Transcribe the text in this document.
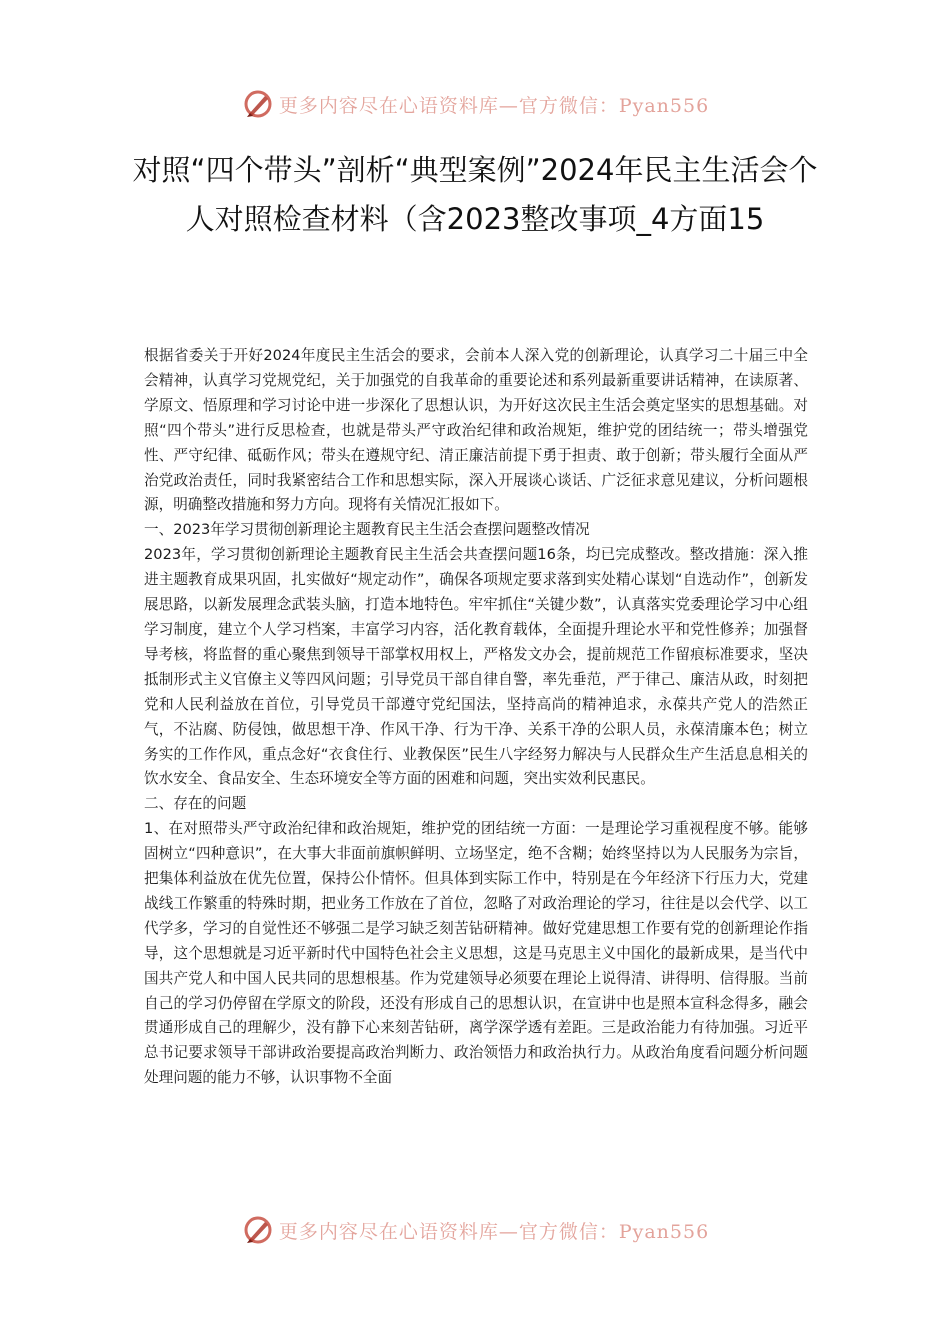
更多内容尽在心语资料库—官方微信：Pyan556
对照“四个带头”剖析“典型案例”2024年民主生活会个人对照检查材料（含2023整改事项_4方面15

根据省委关于开好2024年度民主生活会的要求，会前本人深入党的创新理论，认真学习二十届三中全会精神，认真学习党规党纪，关于加强党的自我革命的重要论述和系列最新重要讲话精神，在读原著、学原文、悟原理和学习讨论中进一步深化了思想认识，为开好这次民主生活会奠定坚实的思想基础。对照“四个带头”进行反思检查，也就是带头严守政治纪律和政治规矩，维护党的团结统一；带头增强党性、严守纪律、砥砺作风；带头在遵规守纪、清正廉洁前提下勇于担责、敢于创新；带头履行全面从严治党政治责任，同时我紧密结合工作和思想实际，深入开展谈心谈话、广泛征求意见建议，分析问题根源，明确整改措施和努力方向。现将有关情况汇报如下。

一、2023年学习贯彻创新理论主题教育民主生活会查摆问题整改情况

2023年，学习贯彻创新理论主题教育民主生活会共查摆问题16条，均已完成整改。整改措施：深入推进主题教育成果巩固，扎实做好“规定动作”，确保各项规定要求落到实处精心谋划“自选动作”，创新发展思路，以新发展理念武装头脑，打造本地特色。牢牢抓住“关键少数”，认真落实党委理论学习中心组学习制度，建立个人学习档案，丰富学习内容，活化教育载体，全面提升理论水平和党性修养；加强督导考核，将监督的重心聚焦到领导干部掌权用权上，严格发文办会，提前规范工作留痕标准要求，坚决抵制形式主义官僚主义等四风问题；引导党员干部自律自警，率先垂范，严于律己、廉洁从政，时刻把党和人民利益放在首位，引导党员干部遵守党纪国法，坚持高尚的精神追求，永葆共产党人的浩然正气，不沾腐、防侵蚀，做思想干净、作风干净、行为干净、关系干净的公职人员，永葆清廉本色；树立务实的工作作风，重点念好“衣食住行、业教保医”民生八字经努力解决与人民群众生产生活息息相关的饮水安全、食品安全、生态环境安全等方面的困难和问题，突出实效利民惠民。

二、存在的问题

1、在对照带头严守政治纪律和政治规矩，维护党的团结统一方面：一是理论学习重视程度不够。能够固树立“四种意识”，在大事大非面前旗帜鲜明、立场坚定，绝不含糊；始终坚持以为人民服务为宗旨，把集体利益放在优先位置，保持公仆情怀。但具体到实际工作中，特别是在今年经济下行压力大，党建战线工作繁重的特殊时期，把业务工作放在了首位，忽略了对政治理论的学习，往往是以会代学、以工代学多，学习的自觉性还不够强二是学习缺乏刻苦钻研精神。做好党建思想工作要有党的创新理论作指导，这个思想就是习近平新时代中国特色社会主义思想，这是马克思主义中国化的最新成果，是当代中国共产党人和中国人民共同的思想根基。作为党建领导必须要在理论上说得清、讲得明、信得服。当前自己的学习仍停留在学原文的阶段，还没有形成自己的思想认识，在宣讲中也是照本宣科念得多，融会贯通形成自己的理解少，没有静下心来刻苦钻研，离学深学透有差距。三是政治能力有待加强。习近平总书记要求领导干部讲政治要提高政治判断力、政治领悟力和政治执行力。从政治角度看问题分析问题处理问题的能力不够，认识事物不全面

更多内容尽在心语资料库—官方微信：Pyan556
